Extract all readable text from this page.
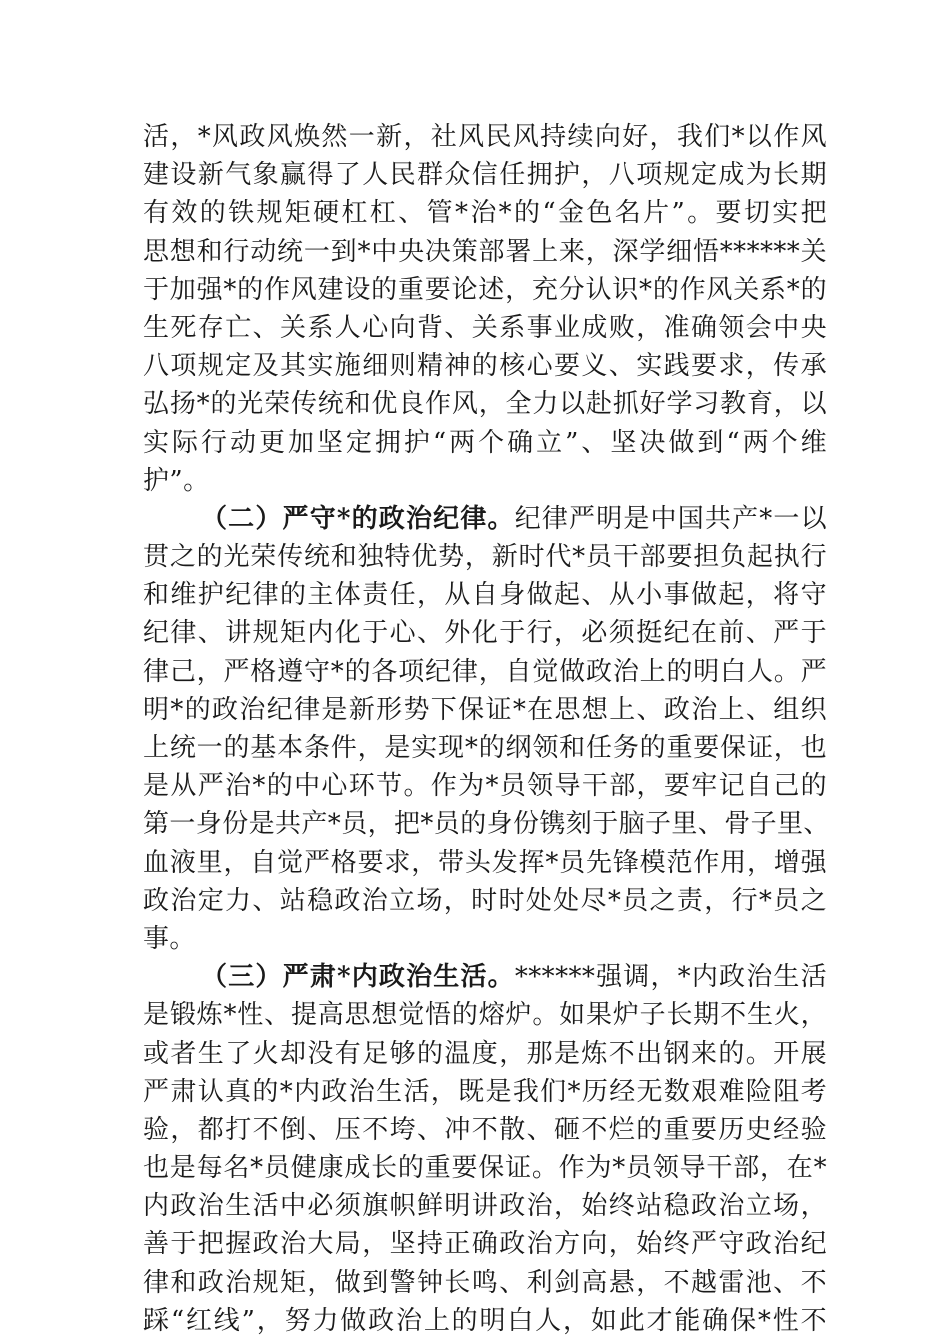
活，*风政风焕然一新，社风民风持续向好，我们*以作风
建设新气象赢得了人民群众信任拥护，八项规定成为长期
有效的铁规矩硬杠杠、管*治*的“金色名片”。要切实把
思想和行动统一到*中央决策部署上来，深学细悟******关
于加强*的作风建设的重要论述，充分认识*的作风关系*的
生死存亡、关系人心向背、关系事业成败，准确领会中央
八项规定及其实施细则精神的核心要义、实践要求，传承
弘扬*的光荣传统和优良作风，全力以赴抓好学习教育，以
实际行动更加坚定拥护“两个确立”、坚决做到“两个维
护”。
（二）严守*的政治纪律。纪律严明是中国共产*一以
贯之的光荣传统和独特优势，新时代*员干部要担负起执行
和维护纪律的主体责任，从自身做起、从小事做起，将守
纪律、讲规矩内化于心、外化于行，必须挺纪在前、严于
律己，严格遵守*的各项纪律，自觉做政治上的明白人。严
明*的政治纪律是新形势下保证*在思想上、政治上、组织
上统一的基本条件，是实现*的纲领和任务的重要保证，也
是从严治*的中心环节。作为*员领导干部，要牢记自己的
第一身份是共产*员，把*员的身份镌刻于脑子里、骨子里、
血液里，自觉严格要求，带头发挥*员先锋模范作用，增强
政治定力、站稳政治立场，时时处处尽*员之责，行*员之
事。
（三）严肃*内政治生活。******强调，*内政治生活
是锻炼*性、提高思想觉悟的熔炉。如果炉子长期不生火，
或者生了火却没有足够的温度，那是炼不出钢来的。开展
严肃认真的*内政治生活，既是我们*历经无数艰难险阻考
验，都打不倒、压不垮、冲不散、砸不烂的重要历史经验
也是每名*员健康成长的重要保证。作为*员领导干部，在*
内政治生活中必须旗帜鲜明讲政治，始终站稳政治立场，
善于把握政治大局，坚持正确政治方向，始终严守政治纪
律和政治规矩，做到警钟长鸣、利剑高悬，不越雷池、不
踩“红线”，努力做政治上的明白人，如此才能确保*性不
